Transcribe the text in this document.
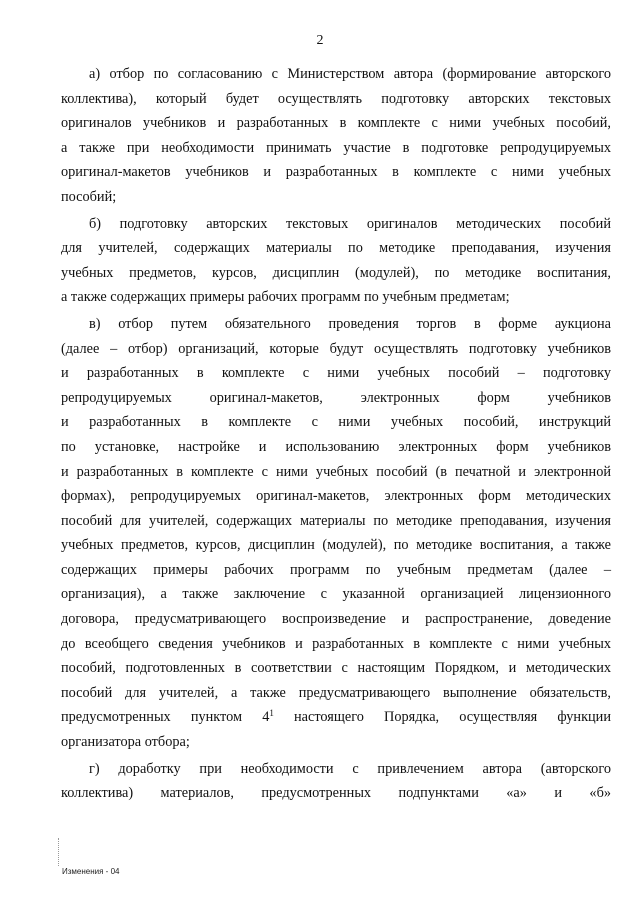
2
а) отбор по согласованию с Министерством автора (формирование авторского
коллектива), который будет осуществлять подготовку авторских текстовых
оригиналов учебников и разработанных в комплекте с ними учебных пособий,
а также при необходимости принимать участие в подготовке репродуцируемых
оригинал-макетов учебников и разработанных в комплекте с ними учебных
пособий;
б) подготовку авторских текстовых оригиналов методических пособий
для учителей, содержащих материалы по методике преподавания, изучения
учебных предметов, курсов, дисциплин (модулей), по методике воспитания,
а также содержащих примеры рабочих программ по учебным предметам;
в) отбор путем обязательного проведения торгов в форме аукциона
(далее – отбор) организаций, которые будут осуществлять подготовку учебников
и разработанных в комплекте с ними учебных пособий – подготовку
репродуцируемых оригинал-макетов, электронных форм учебников
и разработанных в комплекте с ними учебных пособий, инструкций
по установке, настройке и использованию электронных форм учебников
и разработанных в комплекте с ними учебных пособий (в печатной и электронной
формах), репродуцируемых оригинал-макетов, электронных форм методических
пособий для учителей, содержащих материалы по методике преподавания, изучения
учебных предметов, курсов, дисциплин (модулей), по методике воспитания, а также
содержащих примеры рабочих программ по учебным предметам (далее –
организация), а также заключение с указанной организацией лицензионного
договора, предусматривающего воспроизведение и распространение, доведение
до всеобщего сведения учебников и разработанных в комплекте с ними учебных
пособий, подготовленных в соответствии с настоящим Порядком, и методических
пособий для учителей, а также предусматривающего выполнение обязательств,
предусмотренных пунктом $4^1$ настоящего Порядка, осуществляя функции
организатора отбора;
г) доработку при необходимости с привлечением автора (авторского
коллектива) материалов, предусмотренных подпунктами «а» и «б»
Изменения - 04
